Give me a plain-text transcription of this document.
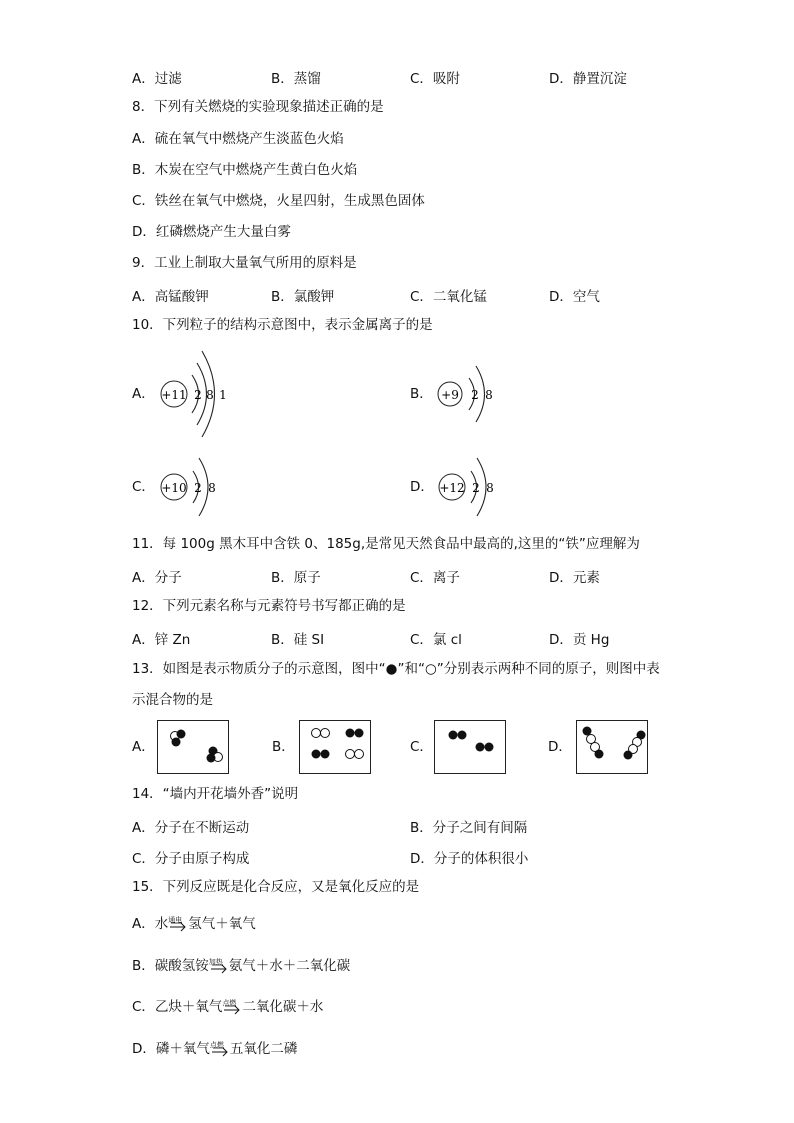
A．过滤	B．蒸馏	C．吸附	D．静置沉淀
8．下列有关燃烧的实验现象描述正确的是
A．硫在氧气中燃烧产生淡蓝色火焰
B．木炭在空气中燃烧产生黄白色火焰
C．铁丝在氧气中燃烧，火星四射，生成黑色固体
D．红磷燃烧产生大量白雾
9．工业上制取大量氧气所用的原料是
A．高锰酸钾	B．氯酸钾	C．二氧化锰	D．空气
10．下列粒子的结构示意图中，表示金属离子的是
A． +11 2 8 1	B． +9 2 8
C． +10 2 8	D． +12 2 8
11．每 100g 黑木耳中含铁 0、185g,是常见天然食品中最高的,这里的“铁”应理解为
A．分子	B．原子	C．离子	D．元素
12．下列元素名称与元素符号书写都正确的是
A．锌 Zn	B．硅 SI	C．氯 cl	D．贡 Hg
13．如图是表示物质分子的示意图，图中“●”和“○”分别表示两种不同的原子，则图中表
示混合物的是
A．	B．	C．	D．
14．“墙内开花墙外香”说明
A．分子在不断运动	B．分子之间有间隔
C．分子由原子构成	D．分子的体积很小
15．下列反应既是化合反应，又是氧化反应的是
A．水 通电 氢气＋氧气
B．碳酸氢铵 加热 氨气＋水＋二氧化碳
C．乙炔＋氧气 点燃 二氧化碳＋水
D．磷＋氧气 点燃 五氧化二磷
